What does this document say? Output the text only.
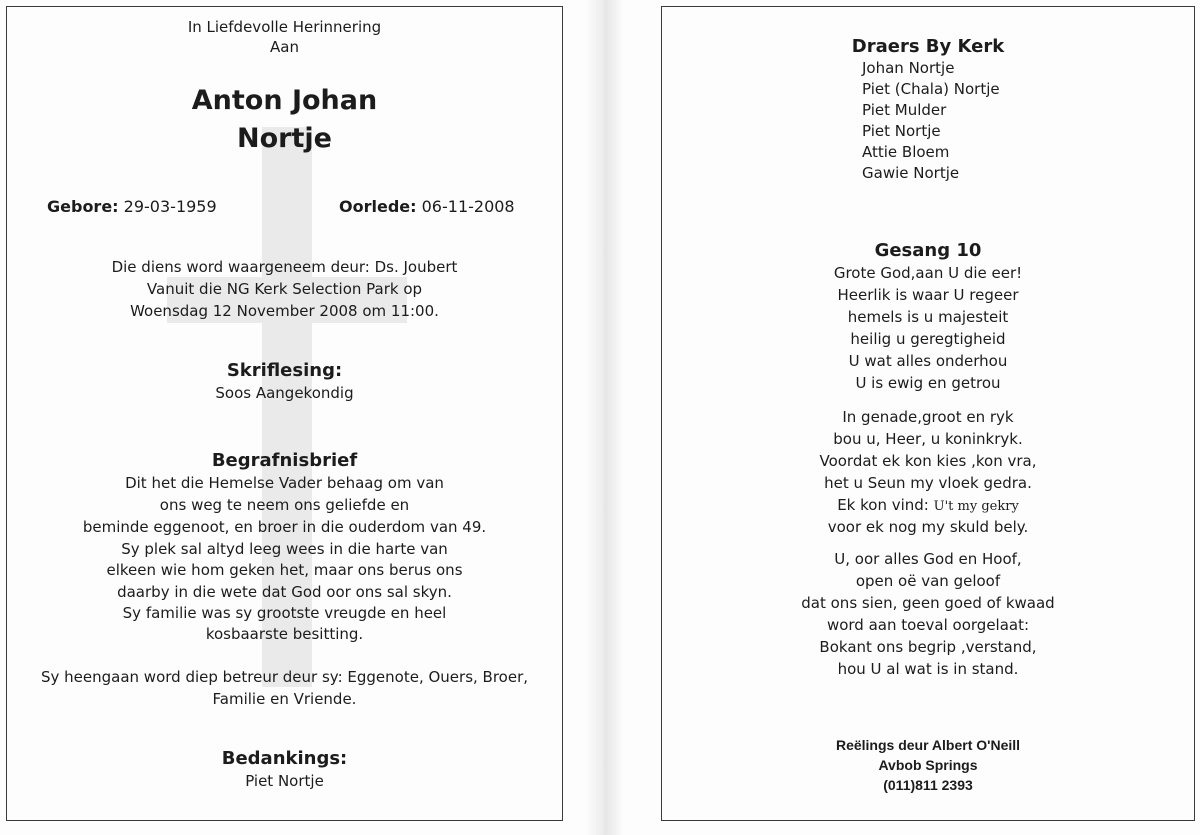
In Liefdevolle Herinnering
Aan
Anton Johan
Nortje
Gebore: 29-03-1959	Oorlede: 06-11-2008
Die diens word waargeneem deur: Ds. Joubert
Vanuit die NG Kerk Selection Park op
Woensdag 12 November 2008 om 11:00.
Skriflesing:
Soos Aangekondig
Begrafnisbrief
Dit het die Hemelse Vader behaag om van
ons weg te neem ons geliefde en
beminde eggenoot, en broer in die ouderdom van 49.
Sy plek sal altyd leeg wees in die harte van
elkeen wie hom geken het, maar ons berus ons
daarby in die wete dat God oor ons sal skyn.
Sy familie was sy grootste vreugde en heel
kosbaarste besitting.
Sy heengaan word diep betreur deur sy: Eggenote, Ouers, Broer,
Familie en Vriende.
Bedankings:
Piet Nortje
Draers By Kerk
Gesang 10
Grote God,aan U die eer!
Heerlik is waar U regeer
hemels is u majesteit
heilig u geregtigheid
U wat alles onderhou
U is ewig en getrou
In genade,groot en ryk
bou u, Heer, u koninkryk.
Voordat ek kon kies ,kon vra,
het u Seun my vloek gedra.
Ek kon vind: U't my gekry
voor ek nog my skuld bely.
U, oor alles God en Hoof,
open oë van geloof
dat ons sien, geen goed of kwaad
word aan toeval oorgelaat:
Bokant ons begrip ,verstand,
hou U al wat is in stand.
Reëlings deur Albert O'Neill
Avbob Springs
(011)811 2393
Johan Nortje
Piet (Chala) Nortje
Piet Mulder
Piet Nortje
Attie Bloem
Gawie Nortje
